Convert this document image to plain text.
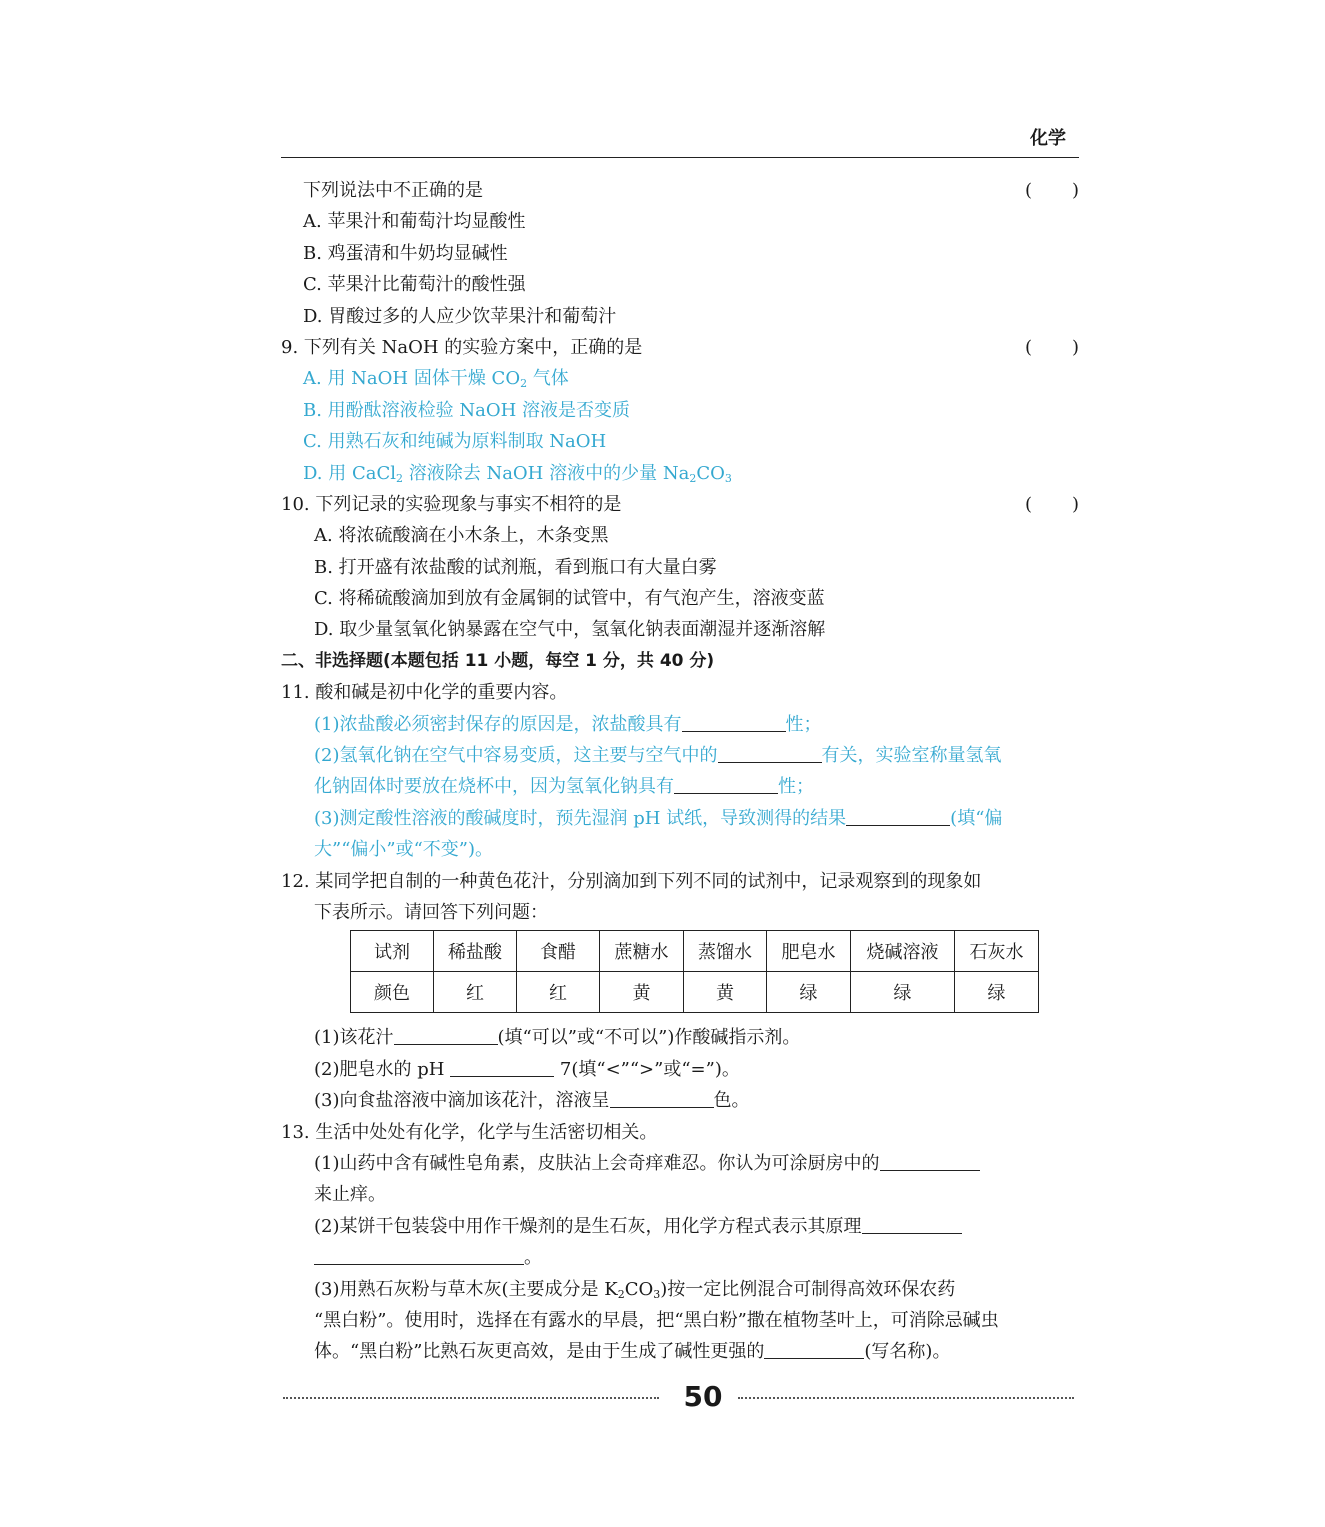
化学
下列说法中不正确的是	( )
A. 苹果汁和葡萄汁均显酸性
B. 鸡蛋清和牛奶均显碱性
C. 苹果汁比葡萄汁的酸性强
D. 胃酸过多的人应少饮苹果汁和葡萄汁
9. 下列有关 NaOH 的实验方案中，正确的是	( )
A. 用 NaOH 固体干燥 $CO_2$ 气体
B. 用酚酞溶液检验 NaOH 溶液是否变质
C. 用熟石灰和纯碱为原料制取 NaOH
D. 用 CaCl$_2$ 溶液除去 NaOH 溶液中的少量 $Na_2CO_3$
10. 下列记录的实验现象与事实不相符的是	( )
A. 将浓硫酸滴在小木条上，木条变黑
B. 打开盛有浓盐酸的试剂瓶，看到瓶口有大量白雾
C. 将稀硫酸滴加到放有金属铜的试管中，有气泡产生，溶液变蓝
D. 取少量氢氧化钠暴露在空气中，氢氧化钠表面潮湿并逐渐溶解
二、非选择题(本题包括 11 小题，每空 1 分，共 40 分)
11. 酸和碱是初中化学的重要内容。
(1)浓盐酸必须密封保存的原因是，浓盐酸具有	性；
(2)氢氧化钠在空气中容易变质，这主要与空气中的	有关，实验室称量氢氧
化钠固体时要放在烧杯中，因为氢氧化钠具有	性；
(3)测定酸性溶液的酸碱度时，预先湿润 pH 试纸，导致测得的结果	(填“偏
大”“偏小”或“不变”)。
12. 某同学把自制的一种黄色花汁，分别滴加到下列不同的试剂中，记录观察到的现象如
下表所示。请回答下列问题：
试剂	稀盐酸	食醋	蔗糖水	蒸馏水	肥皂水	烧碱溶液	石灰水
颜色	红	红	黄	黄	绿	绿	绿
(1)该花汁	(填“可以”或“不可以”)作酸碱指示剂。
(2)肥皂水的 pH	7(填“<”“>”或“=”)。
(3)向食盐溶液中滴加该花汁，溶液呈	色。
13. 生活中处处有化学，化学与生活密切相关。
(1)山药中含有碱性皂角素，皮肤沾上会奇痒难忍。你认为可涂厨房中的
来止痒。
(2)某饼干包装袋中用作干燥剂的是生石灰，用化学方程式表示其原理
。
(3)用熟石灰粉与草木灰(主要成分是 $K_2CO_3$)按一定比例混合可制得高效环保农药
“黑白粉”。使用时，选择在有露水的早晨，把“黑白粉”撒在植物茎叶上，可消除忌碱虫
体。“黑白粉”比熟石灰更高效，是由于生成了碱性更强的	(写名称)。
50
